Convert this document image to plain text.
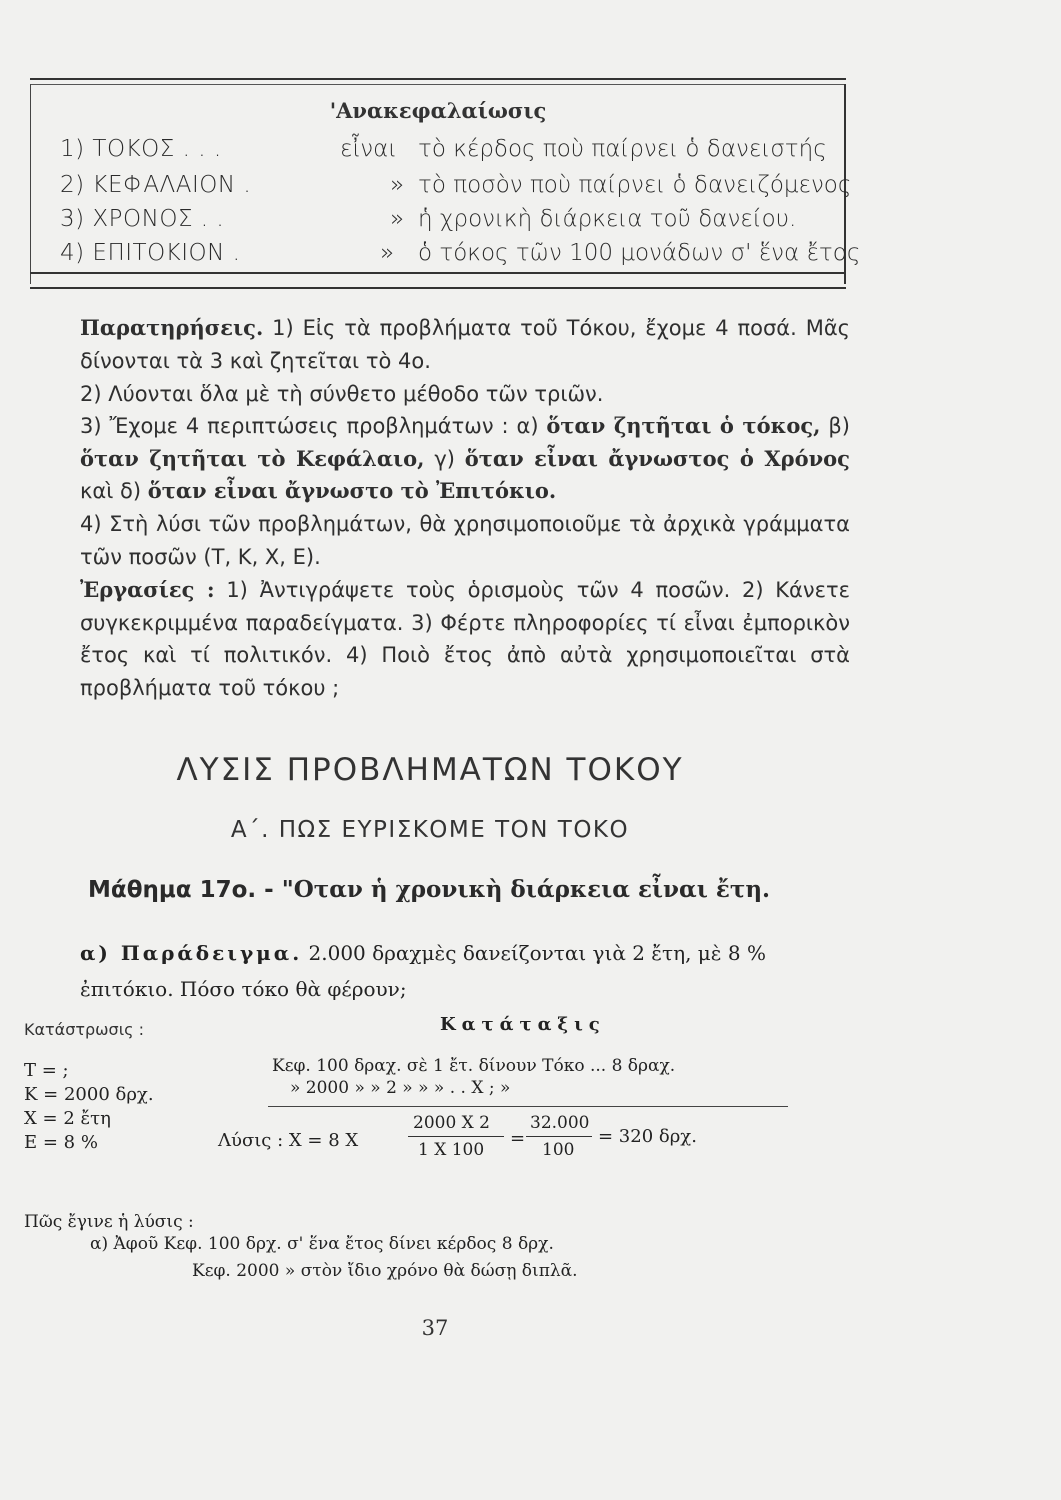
'Ανακεφαλαίωσις
1) ΤΟΚΟΣ . . .	εἶναι τὸ κέρδος ποὺ παίρνει ὁ δανειστής
2) ΚΕΦΑΛΑΙΟΝ .	» τὸ ποσὸν ποὺ παίρνει ὁ δανειζόμενος
3) ΧΡΟΝΟΣ . .	» ἡ χρονικὴ διάρκεια τοῦ δανείου.
4) ΕΠΙΤΟΚΙΟΝ .	»	ὁ τόκος τῶν 100 μονάδων σ' ἕνα ἔτος
Παρατηρήσεις. 1) Εἰς τὰ προβλήματα τοῦ Τόκου, ἔχομε 4 ποσά. Μᾶς δίνονται τὰ 3 καὶ ζητεῖται τὸ 4ο.
2) Λύονται ὅλα μὲ τὴ σύνθετο μέθοδο τῶν τριῶν.
3) Ἔχομε 4 περιπτώσεις προβλημάτων : α) ὅταν ζητῆται ὁ τόκος, β) ὅταν ζητῆται τὸ Κεφάλαιο, γ) ὅταν εἶναι ἄγνωστος ὁ Χρόνος καὶ δ) ὅταν εἶναι ἄγνωστο τὸ Ἐπιτόκιο.
4) Στὴ λύσι τῶν προβλημάτων, θὰ χρησιμοποιοῦμε τὰ ἀρχικὰ γράμματα τῶν ποσῶν (Τ, Κ, Χ, Ε).
Ἐργασίες : 1) Ἀντιγράψετε τοὺς ὁρισμοὺς τῶν 4 ποσῶν. 2) Κάνετε συγκεκριμμένα παραδείγματα. 3) Φέρτε πληροφορίες τί εἶναι ἐμπορικὸν ἔτος καὶ τί πολιτικόν. 4) Ποιὸ ἔτος ἀπὸ αὐτὰ χρησιμοποιεῖται στὰ προβλήματα τοῦ τόκου ;
ΛΥΣΙΣ ΠΡΟΒΛΗΜΑΤΩΝ ΤΟΚΟΥ
Α΄. ΠΩΣ ΕΥΡΙΣΚΟΜΕ ΤΟΝ ΤΟΚΟ
Μάθημα 17ο. - "Οταν ἡ χρονικὴ διάρκεια εἶναι ἔτη.
α) Παράδειγμα. 2.000 δραχμὲς δανείζονται γιὰ 2 ἔτη, μὲ 8 % ἐπιτόκιο. Πόσο τόκο θὰ φέρουν;
Κατάστρωσις :
Τ = ;
Κ = 2000 δρχ.
Χ = 2 ἔτη
Ε = 8 %
Κατάταξις
Κεφ. 100 δραχ. σὲ 1 ἔτ. δίνουν Τόκο ... 8 δραχ.
» 2000 » » 2 » » » . . Χ ; »
Λύσις : Χ = 8 Χ
2000 Χ 2
1 Χ 100
=
32.000
100
= 320 δρχ.
Πῶς ἔγινε ἡ λύσις :
α) Ἀφοῦ Κεφ. 100 δρχ. σ' ἕνα ἔτος δίνει κέρδος 8 δρχ.
Κεφ. 2000 » στὸν ἴδιο χρόνο θὰ δώσῃ διπλᾶ.
37
